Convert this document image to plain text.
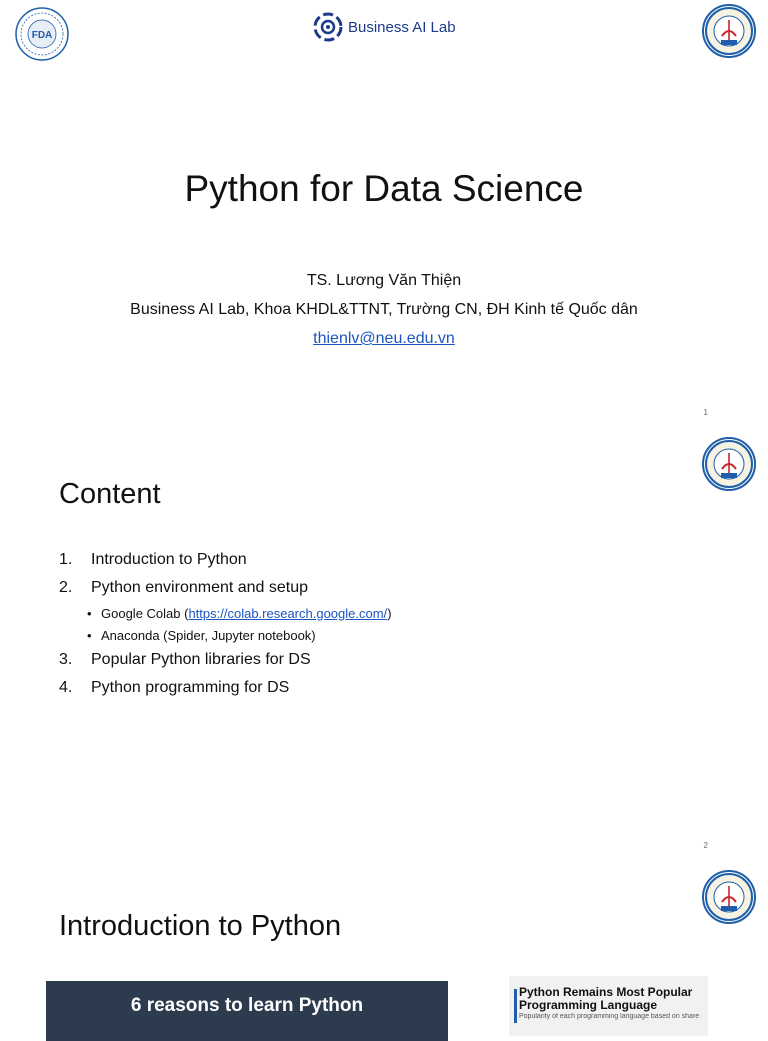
FDA	Business AI Lab
Python for Data Science
TS. Lương Văn Thiện
Business AI Lab, Khoa KHDL&TTNT, Trường CN, ĐH Kinh tế Quốc dân
thienlv@neu.edu.vn
1
Content
1.	Introduction to Python
2.	Python environment and setup
• Google Colab ( https://colab.research.google.com/ )
• Anaconda (Spider, Jupyter notebook)
3.	Popular Python libraries for DS
4.	Python programming for DS
2
Introduction to Python
6 reasons to learn Python
Python Remains Most Popular Programming Language
Popularity of each programming language based on share
